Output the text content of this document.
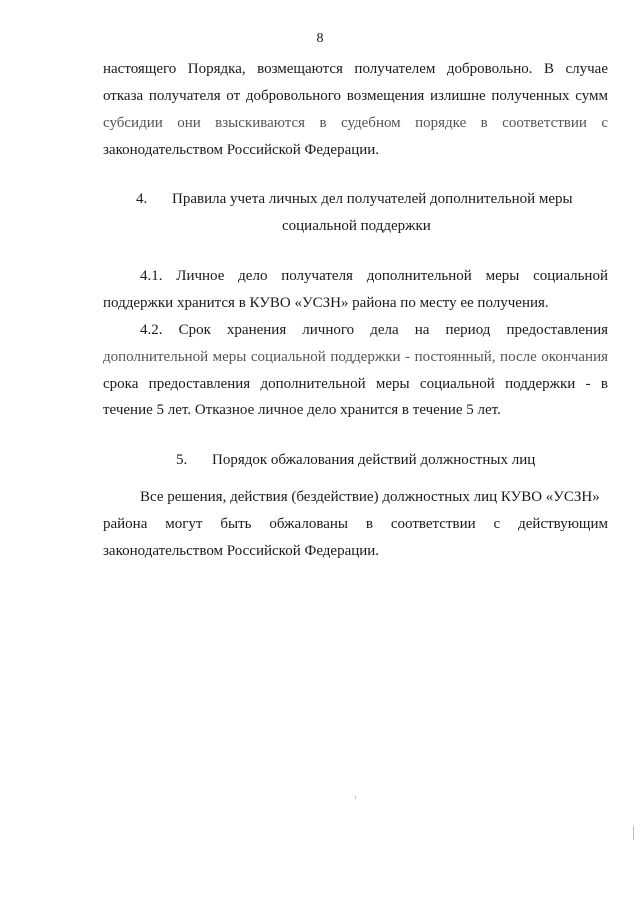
8
настоящего Порядка, возмещаются получателем добровольно. В случае
отказа получателя от добровольного возмещения излишне полученных сумм
субсидии они взыскиваются в судебном порядке в соответствии с
законодательством Российской Федерации.
4. Правила учета личных дел получателей дополнительной меры
социальной поддержки
4.1. Личное дело получателя дополнительной меры социальной
поддержки хранится в КУВО «УСЗН» района по месту ее получения.
4.2. Срок хранения личного дела на период предоставления
дополнительной меры социальной поддержки - постоянный, после окончания
срока предоставления дополнительной меры социальной поддержки - в
течение 5 лет. Отказное личное дело хранится в течение 5 лет.
5. Порядок обжалования действий должностных лиц
Все решения, действия (бездействие) должностных лиц КУВО «УСЗН»
района могут быть обжалованы в соответствии с действующим
законодательством Российской Федерации.
